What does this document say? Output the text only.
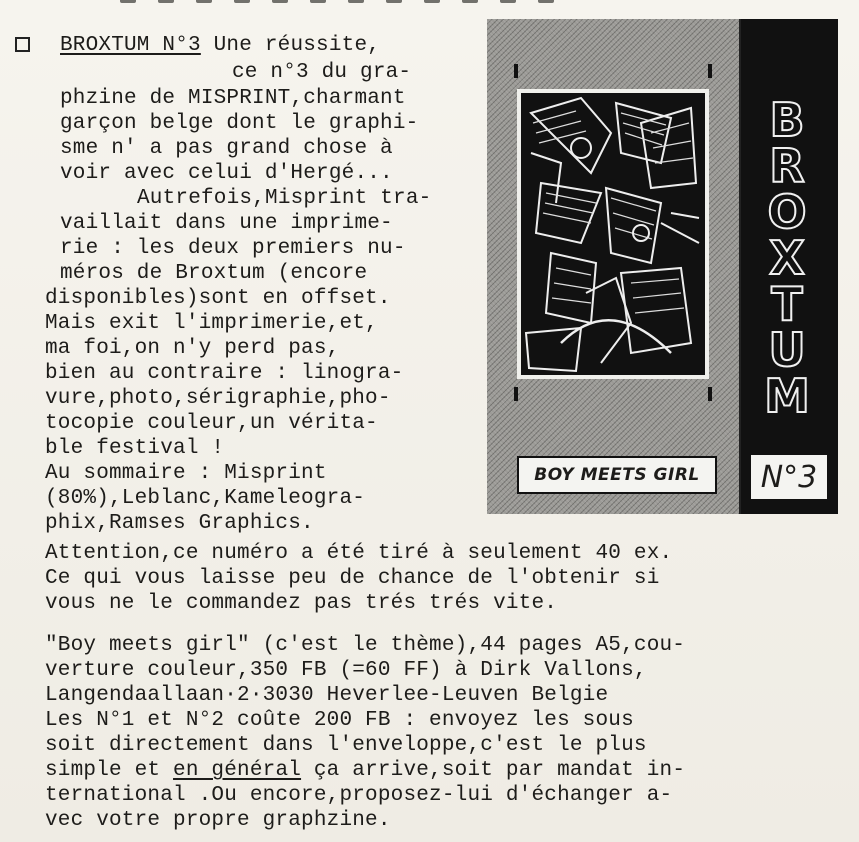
BROXTUM N°3 Une réussite,
ce n°3 du gra-
phzine de MISPRINT,charmant
garçon belge dont le graphi-
sme n' a pas grand chose à
voir avec celui d'Hergé...
Autrefois,Misprint tra-
vaillait dans une imprime-
rie : les deux premiers nu-
méros de Broxtum (encore
disponibles)sont en offset.
Mais exit l'imprimerie,et,
ma foi,on n'y perd pas,
bien au contraire : linogra-
vure,photo,sérigraphie,pho-
tocopie couleur,un vérita-
ble festival !
Au sommaire : Misprint
(80%),Leblanc,Kameleogra-
phix,Ramses Graphics.
Attention,ce numéro a été tiré à seulement 40 ex.
Ce qui vous laisse peu de chance de l'obtenir si
vous ne le commandez pas trés trés vite.
"Boy meets girl" (c'est le thème),44 pages A5,cou-
verture couleur,350 FB (=60 FF) à Dirk Vallons,
Langendaallaan·2·3030 Heverlee-Leuven Belgie
Les N°1 et N°2 coûte 200 FB : envoyez les sous
soit directement dans l'enveloppe,c'est le plus
simple et en général ça arrive,soit par mandat in-
ternational .Ou encore,proposez-lui d'échanger a-
vec votre propre graphzine.
BOY MEETS GIRL
BROXTUM
N°3
